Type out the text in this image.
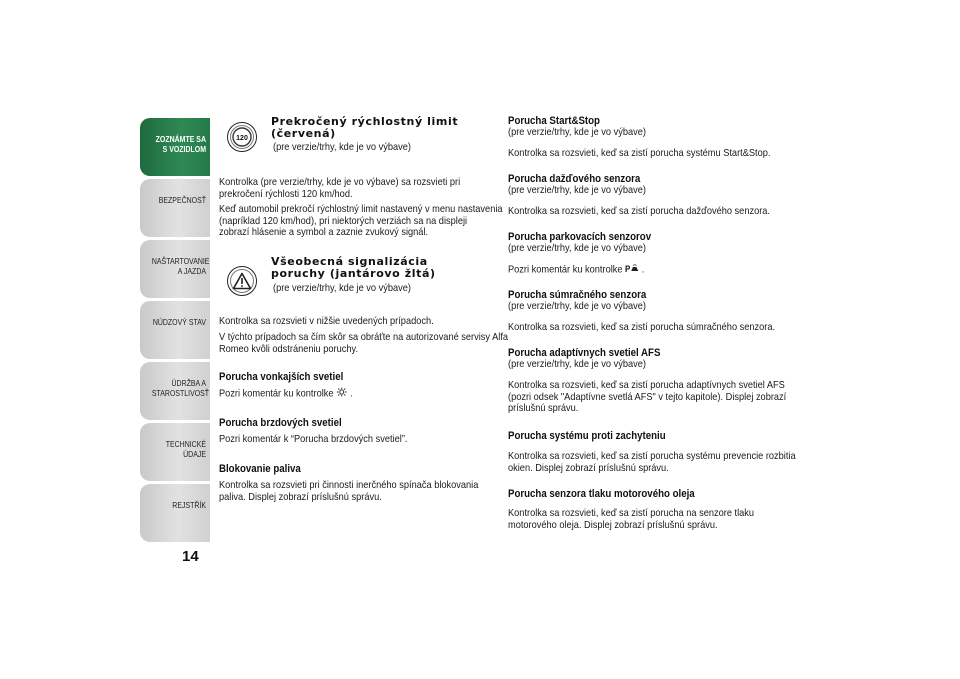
ZOZNÁMTE SA S VOZIDLOM
BEZPEČNOSŤ
NAŠTARTOVANIE A JAZDA
NÚDZOVÝ STAV
ÚDRŽBA A STAROSTLIVOSŤ
TECHNICKÉ ÚDAJE
REJSTŘÍK
14
120
Prekročený rýchlostný limit
(červená)
(pre verzie/trhy, kde je vo výbave)
Kontrolka (pre verzie/trhy, kde je vo výbave) sa rozsvieti pri
prekročení rýchlosti 120 km/hod.
Keď automobil prekročí rýchlostný limit nastavený v menu nastavenia
(napríklad 120 km/hod), pri niektorých verziách sa na displeji
zobrazí hlásenie a symbol a zaznie zvukový signál.
Všeobecná signalizácia
poruchy (jantárovo žltá)
(pre verzie/trhy, kde je vo výbave)
Kontrolka sa rozsvieti v nižšie uvedených prípadoch.
V týchto prípadoch sa čím skôr sa obráťte na autorizované servisy Alfa
Romeo kvôli odstráneniu poruchy.
Porucha vonkajších svetiel
Pozri komentár ku kontrolke .
Porucha brzdových svetiel
Pozri komentár k “Porucha brzdových svetiel”.
Blokovanie paliva
Kontrolka sa rozsvieti pri činnosti inerčného spínača blokovania
paliva. Displej zobrazí príslušnú správu.
Porucha Start&Stop
(pre verzie/trhy, kde je vo výbave)
Kontrolka sa rozsvieti, keď sa zistí porucha systému Start&Stop.
Porucha dažďového senzora
(pre verzie/trhy, kde je vo výbave)
Kontrolka sa rozsvieti, keď sa zistí porucha dažďového senzora.
Porucha parkovacích senzorov
(pre verzie/trhy, kde je vo výbave)
Pozri komentár ku kontrolke P .
Porucha súmračného senzora
(pre verzie/trhy, kde je vo výbave)
Kontrolka sa rozsvieti, keď sa zistí porucha súmračného senzora.
Porucha adaptívnych svetiel AFS
(pre verzie/trhy, kde je vo výbave)
Kontrolka sa rozsvieti, keď sa zistí porucha adaptívnych svetiel AFS
(pozri odsek "Adaptívne svetlá AFS" v tejto kapitole). Displej zobrazí
príslušnú správu.
Porucha systému proti zachyteniu
Kontrolka sa rozsvieti, keď sa zistí porucha systému prevencie rozbitia
okien. Displej zobrazí príslušnú správu.
Porucha senzora tlaku motorového oleja
Kontrolka sa rozsvieti, keď sa zistí porucha na senzore tlaku
motorového oleja. Displej zobrazí príslušnú správu.
